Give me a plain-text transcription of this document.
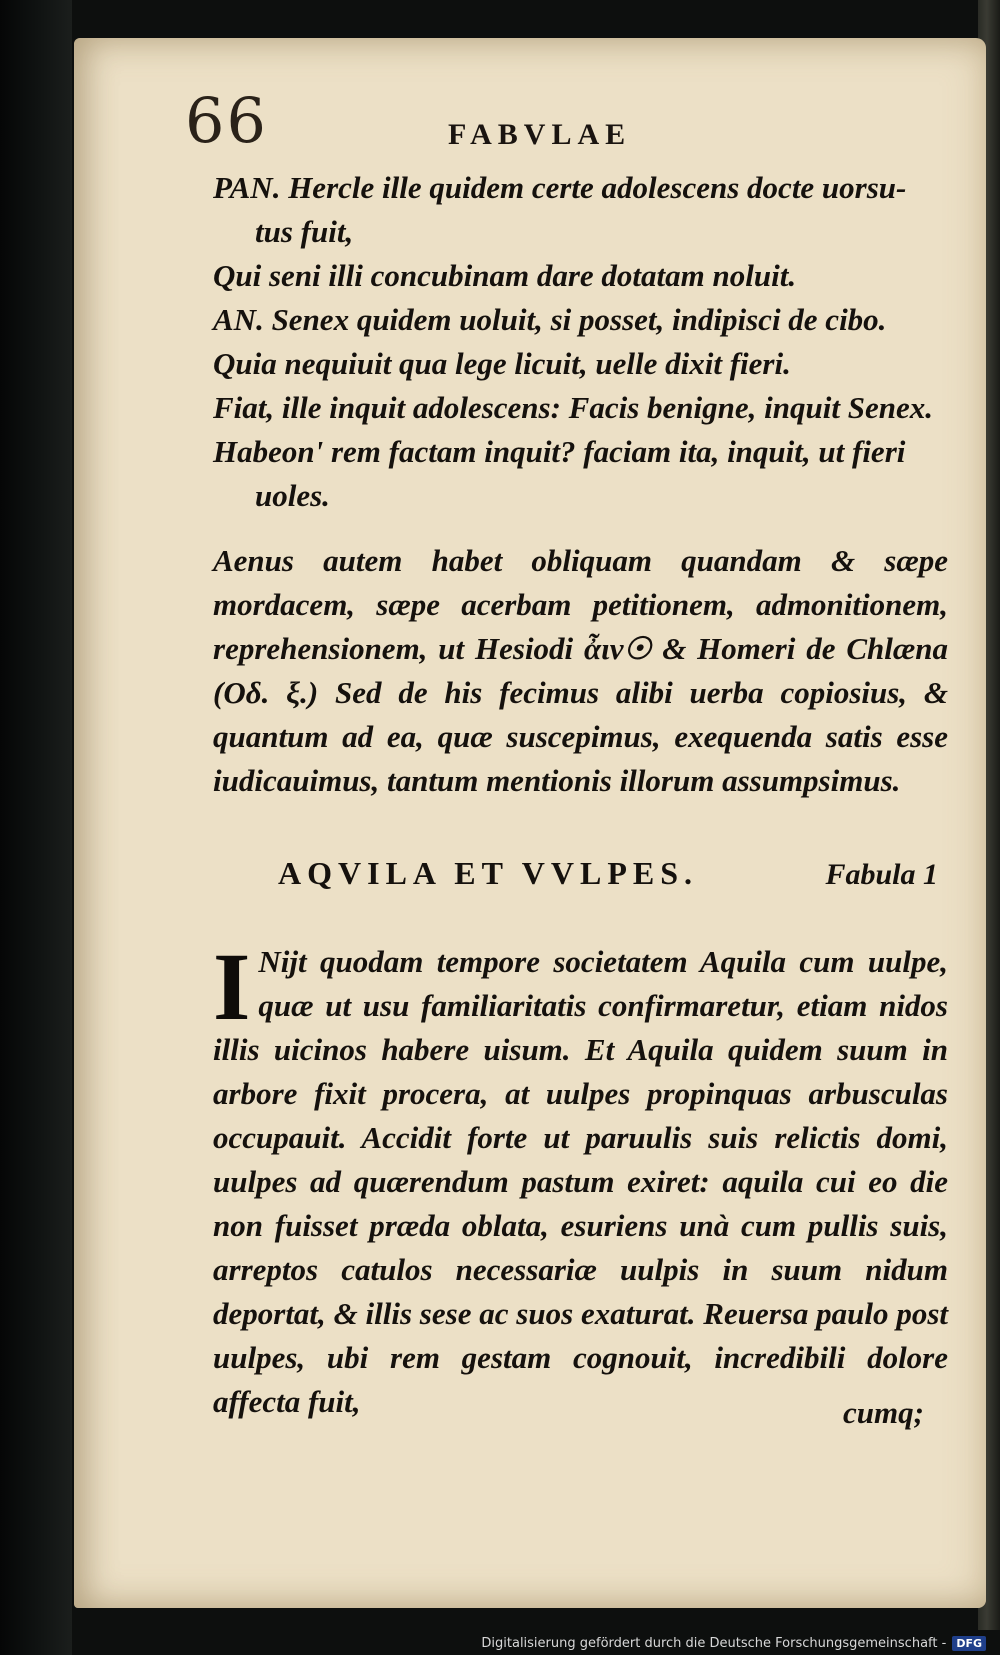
66	FABVLAE

PAN. Hercle ille quidem certe adolescens docte uorsu-

tus fuit,

Qui seni illi concubinam dare dotatam noluit.

AN. Senex quidem uoluit, si posset, indipisci de cibo.

Quia nequiuit qua lege licuit, uelle dixit fieri.

Fiat, ille inquit adolescens: Facis benigne, inquit Senex.

Habeon' rem factam inquit? faciam ita, inquit, ut fieri

uoles.

Aenus autem habet obliquam quandam & sæpe mordacem, sæpe acerbam petitionem, admonitionem, reprehensionem, ut Hesiodi ἆιν☉ & Homeri de Chlæna (Οδ. ξ.) Sed de his fecimus alibi uerba copiosius, & quantum ad ea, quæ suscepimus, exequenda satis esse iudicauimus, tantum mentionis illorum assumpsimus.

AQVILA ET VVLPES.	Fabula 1
I Nijt quodam tempore societatem Aquila cum uulpe, quæ ut usu familiaritatis confirmaretur, etiam nidos illis uicinos habere uisum. Et Aquila quidem suum in arbore fixit procera, at uulpes propinquas arbusculas occupauit. Accidit forte ut paruulis suis relictis domi, uulpes ad quærendum pastum exiret: aquila cui eo die non fuisset præda oblata, esuriens unà cum pullis suis, arreptos catulos necessariæ uulpis in suum nidum deportat, & illis sese ac suos exaturat. Reuersa paulo post uulpes, ubi rem gestam cognouit, incredibili dolore affecta fuit,	cumq;
Digitalisierung gefördert durch die Deutsche Forschungsgemeinschaft - DFG
